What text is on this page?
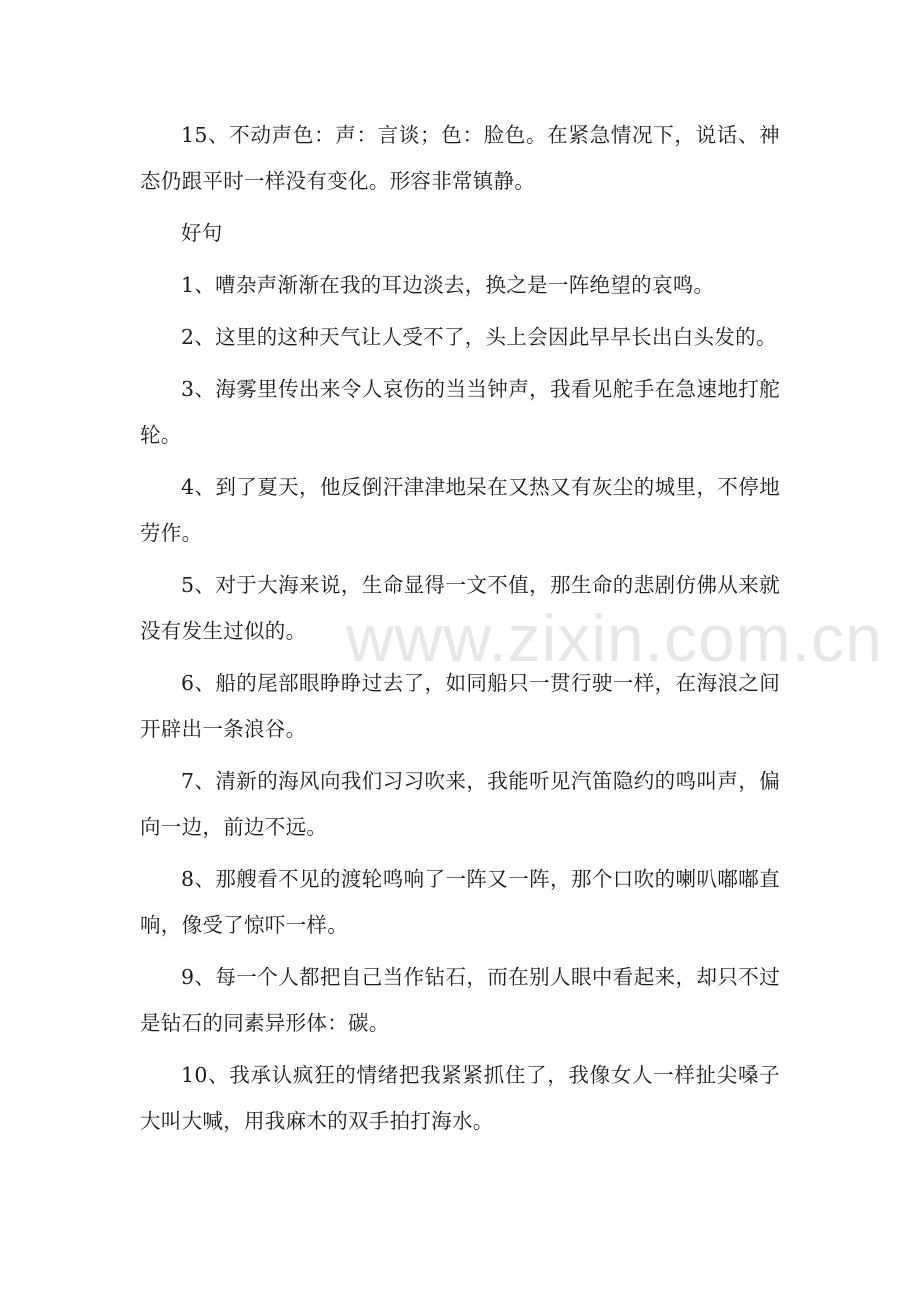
15、不动声色：声：言谈；色：脸色。在紧急情况下，说话、神态仍跟平时一样没有变化。形容非常镇静。

好句

1、嘈杂声渐渐在我的耳边淡去，换之是一阵绝望的哀鸣。

2、这里的这种天气让人受不了，头上会因此早早长出白头发的。

3、海雾里传出来令人哀伤的当当钟声，我看见舵手在急速地打舵轮。

4、到了夏天，他反倒汗津津地呆在又热又有灰尘的城里，不停地劳作。

5、对于大海来说，生命显得一文不值，那生命的悲剧仿佛从来就没有发生过似的。

6、船的尾部眼睁睁过去了，如同船只一贯行驶一样，在海浪之间开辟出一条浪谷。

7、清新的海风向我们习习吹来，我能听见汽笛隐约的鸣叫声，偏向一边，前边不远。

8、那艘看不见的渡轮鸣响了一阵又一阵，那个口吹的喇叭嘟嘟直响，像受了惊吓一样。

9、每一个人都把自己当作钻石，而在别人眼中看起来，却只不过是钻石的同素异形体：碳。

10、我承认疯狂的情绪把我紧紧抓住了，我像女人一样扯尖嗓子大叫大喊，用我麻木的双手拍打海水。

www.zixin.com.cn
